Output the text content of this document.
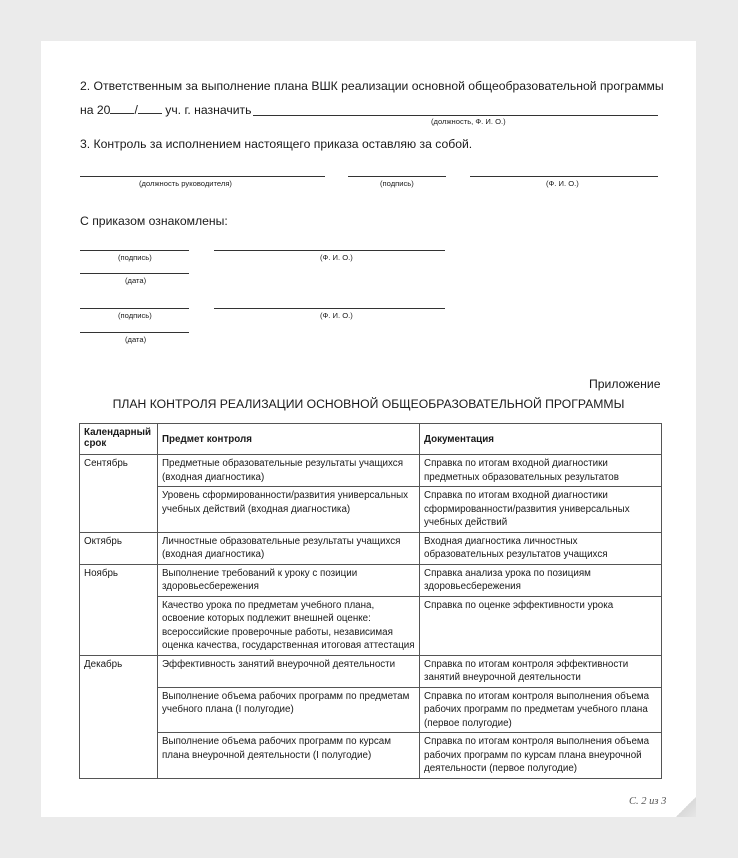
2. Ответственным за выполнение плана ВШК реализации основной общеобразовательной программы
на 20 / уч. г. назначить
(должность, Ф. И. О.)
3. Контроль за исполнением настоящего приказа оставляю за собой.
(должность руководителя)	(подпись)	(Ф. И. О.)
С приказом ознакомлены:
(подпись)	(Ф. И. О.)
(дата)
(подпись)	(Ф. И. О.)
(дата)
Приложение
ПЛАН КОНТРОЛЯ РЕАЛИЗАЦИИ ОСНОВНОЙ ОБЩЕОБРАЗОВАТЕЛЬНОЙ ПРОГРАММЫ
Календарный срок	Предмет контроля	Документация
Сентябрь	Предметные образовательные результаты учащихся (входная диагностика)	Справка по итогам входной диагностики предметных образовательных результатов
	Уровень сформированности/развития универсальных учебных действий (входная диагностика)	Справка по итогам входной диагностики сформированности/развития универсальных учебных действий
Октябрь	Личностные образовательные результаты учащихся (входная диагностика)	Входная диагностика личностных образовательных результатов учащихся
Ноябрь	Выполнение требований к уроку с позиции здоровьесбережения	Справка анализа урока по позициям здоровьесбережения
	Качество урока по предметам учебного плана, освоение которых подлежит внешней оценке: всероссийские проверочные работы, независимая оценка качества, государственная итоговая аттестация	Справка по оценке эффективности урока
Декабрь	Эффективность занятий внеурочной деятельности	Справка по итогам контроля эффективности занятий внеурочной деятельности
	Выполнение объема рабочих программ по предметам учебного плана (I полугодие)	Справка по итогам контроля выполнения объема рабочих программ по предметам учебного плана (первое полугодие)
	Выполнение объема рабочих программ по курсам плана внеурочной деятельности (I полугодие)	Справка по итогам контроля выполнения объема рабочих программ по курсам плана внеурочной деятельности (первое полугодие)
С. 2 из 3
